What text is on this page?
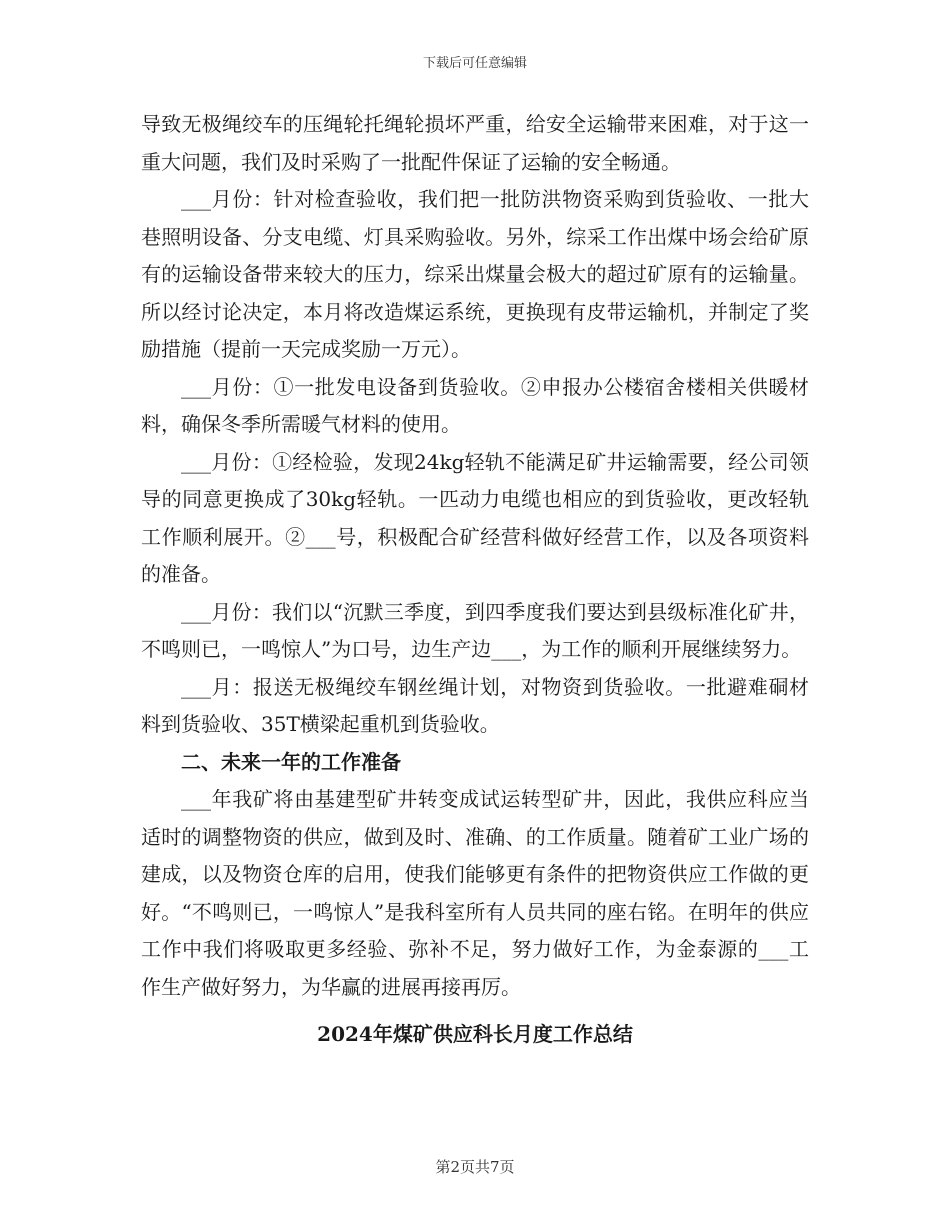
下载后可任意编辑

导致无极绳绞车的压绳轮托绳轮损坏严重，给安全运输带来困难，对于这一重大问题，我们及时采购了一批配件保证了运输的安全畅通。

___月份：针对检查验收，我们把一批防洪物资采购到货验收、一批大巷照明设备、分支电缆、灯具采购验收。另外，综采工作出煤中场会给矿原有的运输设备带来较大的压力，综采出煤量会极大的超过矿原有的运输量。所以经讨论决定，本月将改造煤运系统，更换现有皮带运输机，并制定了奖励措施（提前一天完成奖励一万元）。

___月份：①一批发电设备到货验收。②申报办公楼宿舍楼相关供暖材料，确保冬季所需暖气材料的使用。

___月份：①经检验，发现24kg轻轨不能满足矿井运输需要，经公司领导的同意更换成了30kg轻轨。一匹动力电缆也相应的到货验收，更改轻轨工作顺利展开。②___号，积极配合矿经营科做好经营工作，以及各项资料的准备。

___月份：我们以“沉默三季度，到四季度我们要达到县级标准化矿井，不鸣则已，一鸣惊人”为口号，边生产边___，为工作的顺利开展继续努力。

___月：报送无极绳绞车钢丝绳计划，对物资到货验收。一批避难硐材料到货验收、35T横梁起重机到货验收。

二、未来一年的工作准备

___年我矿将由基建型矿井转变成试运转型矿井，因此，我供应科应当适时的调整物资的供应，做到及时、准确、的工作质量。随着矿工业广场的建成，以及物资仓库的启用，使我们能够更有条件的把物资供应工作做的更好。“不鸣则已，一鸣惊人”是我科室所有人员共同的座右铭。在明年的供应工作中我们将吸取更多经验、弥补不足，努力做好工作，为金泰源的___工作生产做好努力，为华赢的进展再接再厉。

2024年煤矿供应科长月度工作总结

第2页共7页
